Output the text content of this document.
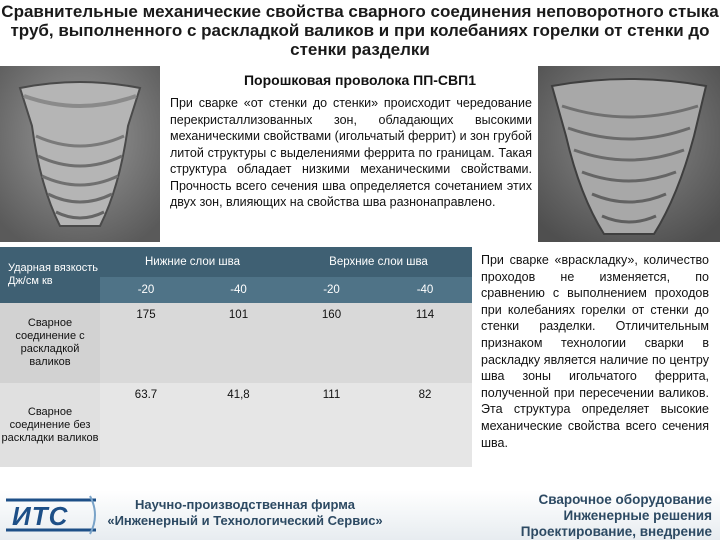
Сравнительные механические свойства сварного соединения неповоротного стыка труб, выполненного с раскладкой валиков и при колебаниях горелки от стенки до стенки разделки
Порошковая проволока ПП-СВП1
При сварке «от стенки до стенки» происходит чередование перекристаллизованных зон, обладающих высокими механическими свойствами (игольчатый феррит) и зон грубой литой структуры с выделениями феррита по границам. Такая структура обладает низкими механическими свойствами. Прочность всего сечения шва определяется сочетанием этих двух зон, влияющих на свойства шва разнонаправлено.
Ударная вязкость Дж/см кв	Нижние слои шва		Верхние слои шва	
	-20	-40	-20	-40
Сварное соединение с раскладкой валиков	175	101	160	114
Сварное соединение без раскладки валиков	63.7	41,8	111	82
При сварке «враскладку», количество проходов не изменяется, по сравнению с выполнением проходов при колебаниях горелки от стенки до стенки разделки. Отличительным признаком технологии сварки в раскладку является наличие по центру шва зоны игольчатого феррита, полученной при пересечении валиков. Эта структура определяет высокие механические свойства всего сечения шва.
ИТС	Научно-производственная фирма
«Инженерный и Технологический Сервис»
Сварочное оборудование
Инженерные решения
Проектирование, внедрение
